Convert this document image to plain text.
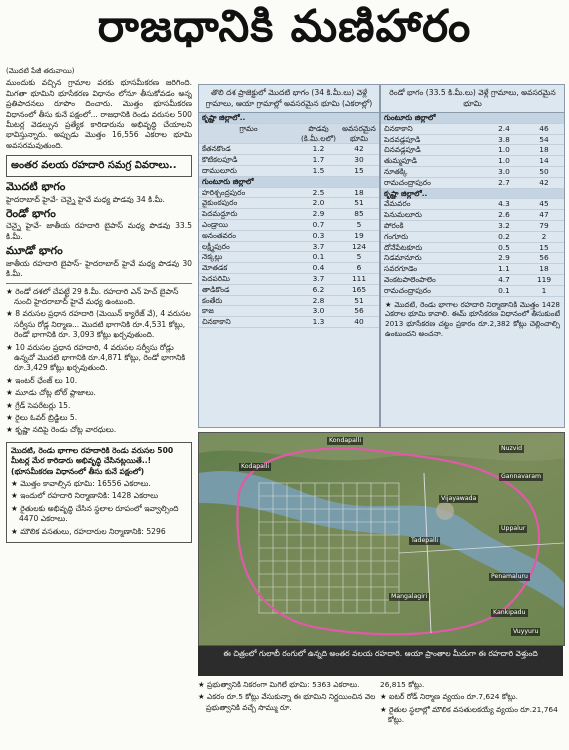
రాజధానికి మణిహారం
(మొదటి పేజీ తరువాయి)

ముందుకు వచ్చిన గ్రామాల వరకు భూసమీకరణ జరిగింది. మిగతా భూమిని భూసేకరణ విధానం లోనూ తీసుకోవడం అన్న ప్రతిపాదనలు రూపొం దించారు. మొత్తం భూసమీకరణ విధానంలో తీసు కునే పక్షంలో... రాజధానికి రెండు వరుసల 500 మీటర్ల వెడల్పున ప్రత్యేక కారిడారును అభివృద్ధి చేయాలని భావిస్తున్నారు. అప్పుడు మొత్తం 16,556 ఎకరాల భూమి అవసరమవుతుంది.

అంతర వలయ రహదారి సమగ్ర వివరాలు..
మొదటి భాగం

హైదరాబాద్ హైవే- చెన్నై హైవే మధ్య పొడవు 34 కి.మీ.

రెండో భాగం

చెన్నై హైవే- జాతీయ రహదారి బైపాస్ మధ్య పొడవు 33.5 కి.మీ.

మూడో భాగం

జాతీయ రహదారి బైపాస్- హైదరాబాద్ హైవే మధ్య పొడవు 30 కి.మీ.

★ రెండో దశలో చేపట్టే 29 కి.మీ. రహదారి ఎన్ హెచ్ బైపాస్ నుంచి హైదరాబాద్ హైవే మధ్య ఉంటుంది.
★ 8 వరుసల ప్రధాన రహదారి (మెయిన్ క్యారేజ్ వే), 4 వరుసల సర్వీసు రోడ్ల నిర్మాణ... మొదటి భాగానికి రూ.4,531 కోట్లు, రెండో భాగానికి రూ. 3,093 కోట్లు ఖర్చవుతుంది.
★ 10 వరుసల ప్రధాన రహదారి, 4 వరుసల సర్వీసు రోడ్లు ఉన్నచో మొదటి భాగానికి రూ.4,871 కోట్లు, రెండో భాగానికి రూ.3,429 కోట్లు ఖర్చవుతుంది.
★ ఇంటర్ ఛేంజ్ లు 10.
★ మూడు చోట్ల టోల్ ప్లాజాలు.
★ గ్రేడ్ సెపరేటర్లు 15.
★ రైలు ఓవర్ బ్రిడ్జిలు 5.
★ కృష్ణా నదిపై రెండు చోట్ల వారధులు.
మొదటి, రెండు భాగాల రహదారికి రెండు వరుసల 500 మీటర్ల మేర కారిడారు అభివృద్ధి చేసినట్లయితే..! (భూసమీకరణ విధానంలో తీసు కునే పక్షంలో)
★ మొత్తం కావాల్సిన భూమి: 16556 ఎకరాలు.
★ ఇందులో రహదారి నిర్మాణానికి: 1428 ఎకరాలు
★ రైతులకు అభివృద్ధి చేసిన స్థలాల రూపంలో ఇవ్వాల్సింది 4470 ఎకరాలు.
★ మౌలిక వసతులు, రహదారుల నిర్మాణానికి: 5296
తొలి దశ ప్రాజెక్టులో మొదటి భాగం (34 కి.మీ.లు) వెళ్లే గ్రామాలు, ఆయా గ్రామాల్లో అవసరమైన భూమి (ఎకరాల్లో)
కృష్ణా జిల్లాలో..		
గ్రామం	పొడవు (కి.మీ.లలో)	అవసరమైన భూమి
కేతనకొండ	1.2	42
కొటికలపూడి	1.7	30
దాములూరు	1.5	15
గుంటూరు జిల్లాలో		
హరిశ్చంద్రపురం	2.5	18
వైకుంఠపురం	2.0	51
పెదమద్దూరు	2.9	85
ఎండ్రాయి	0.7	5
అనంతవరం	0.3	19
లక్ష్మీపురం	3.7	124
నెక్కల్లు	0.1	5
మోతడక	0.4	6
పెదపరిమి	3.7	111
తాడికొండ	6.2	165
కంతేరు	2.8	51
కాజ	3.0	56
చినకాకాని	1.3	40
రెండో భాగం (33.5 కి.మీ.లు) వెళ్లే గ్రామాలు, అవసరమైన భూమి
గుంటూరు జిల్లాలో		
చినకాకాని	2.4	46
పెదవడ్లపూడి	3.8	54
చినవడ్లపూడి	1.0	18
తుమ్మపూడి	1.0	14
నూతక్కి	3.0	50
రామచంద్రాపురం	2.7	42
కృష్ణా జిల్లాలో..		
వేమవరం	4.3	45
పెనుమలూరు	2.6	47
పోరంకి	3.2	79
గంగూరు	0.2	2
దోనేపేటకూరు	0.5	15
నిడమానూరు	2.9	56
సవరగూడెం	1.1	18
వెంకటపాలెంపాలెం	4.7	119
రామచంద్రాపురం	0.1	1
★ మొదటి, రెండు భాగాల రహదారి నిర్మాణానికి మొత్తం 1428 ఎకరాల భూమి కావాలి. ఈమ్ భూసేకరణ విధానంలో తీసుకుంటే 2013 భూసేకరణ చట్టం ప్రకారం రూ.2,382 కోట్లు చెల్లించాల్సి ఉంటుందని అంచనా.
Kondapalli
Kodapalli
Vijayawada
Tadepalli
Mangalagiri
Penamaluru
Uppalur
Kankipadu
Nuzvid
Vuyyuru
Gannavaram
ఈ చిత్రంలో గులాబీ రంగులో ఉన్నది అంతర వలయ రహదారి. ఆయా ప్రాంతాల మీదుగా ఈ రహదారి వెళ్తుంది
★ ప్రభుత్వానికి నికరంగా మిగిలే భూమి: 5363 ఎకరాలు.
★ ఎకరం రూ.5 కోట్లు వేసుకున్నా ఈ భూమిని నిర్ణయించిన వెల ప్రభుత్వానికి వచ్చే సొమ్ము రూ.
26,815 కోట్లు.
★ ఐటర్ రోడ్ నిర్మాణ వ్యయం రూ.7,624 కోట్లు.
★ రైతుల స్థలాల్లో మౌలిక వసతులకయ్యే వ్యయం రూ.21,764 కోట్లు.
